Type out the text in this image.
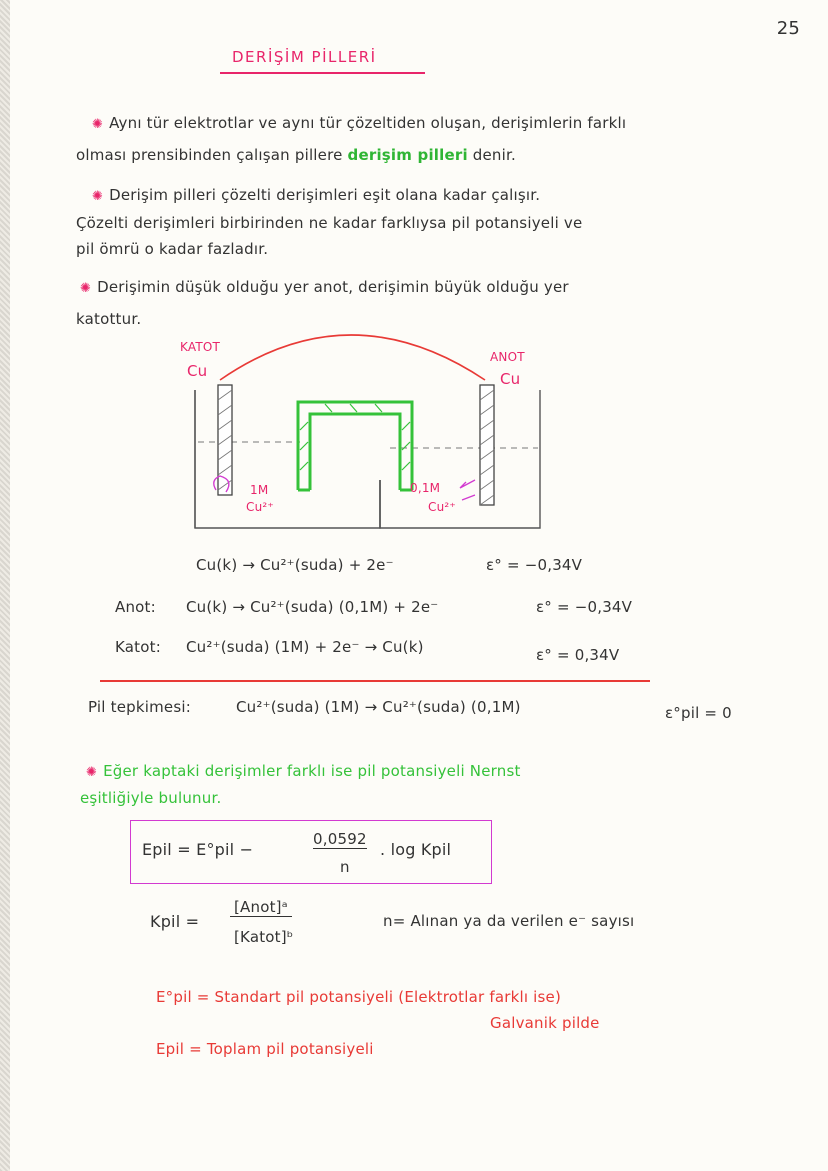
25
DERİŞİM PİLLERİ
✺ Aynı tür elektrotlar ve aynı tür çözeltiden oluşan, derişimlerin farklı
olması prensibinden çalışan pillere derişim pilleri denir.
✺ Derişim pilleri çözelti derişimleri eşit olana kadar çalışır.
Çözelti derişimleri birbirinden ne kadar farklıysa pil potansiyeli ve
pil ömrü o kadar fazladır.
✺ Derişimin düşük olduğu yer anot, derişimin büyük olduğu yer
katottur.
KATOT
Cu
ANOT
Cu
1M
Cu²⁺
0,1M
Cu²⁺
Cu(k) → Cu²⁺(suda) + 2e⁻	ε° = −0,34V
Anot: Cu(k) → Cu²⁺(suda) (0,1M) + 2e⁻	ε° = −0,34V
Katot: Cu²⁺(suda) (1M) + 2e⁻ → Cu(k)	ε° = 0,34V
Pil tepkimesi:	Cu²⁺(suda) (1M) → Cu²⁺(suda) (0,1M)	ε°pil = 0
✺ Eğer kaptaki derişimler farklı ise pil potansiyeli Nernst
eşitliğiyle bulunur.
Epil = E°pil −
0,0592
n
. log Kpil
Kpil =
[Anot]ᵃ
[Katot]ᵇ
n= Alınan ya da verilen e⁻ sayısı
E°pil = Standart pil potansiyeli (Elektrotlar farklı ise)
Galvanik pilde
Epil = Toplam pil potansiyeli
